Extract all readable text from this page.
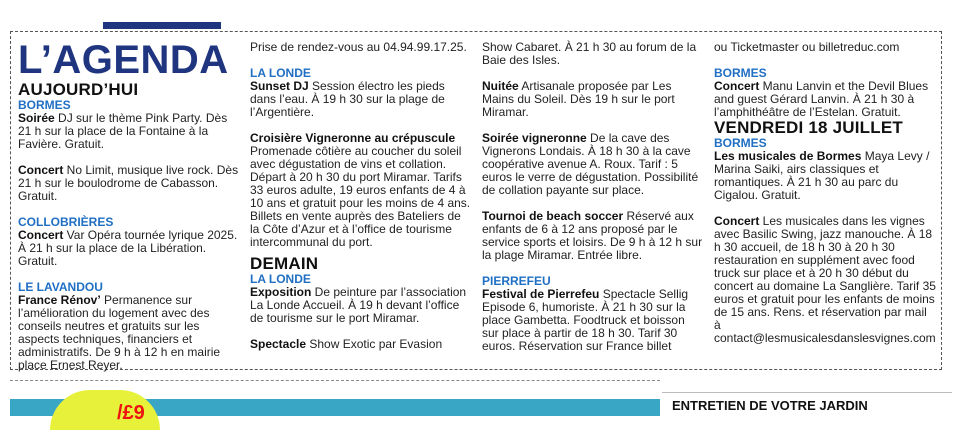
L’AGENDA
AUJOURD’HUI
BORMES

Soirée DJ sur le thème Pink Party. Dès 21 h sur la place de la Fontaine à la Favière. Gratuit.

Concert No Limit, musique live rock. Dès 21 h sur le boulodrome de Cabasson. Gratuit.

COLLOBRIÈRES

Concert Var Opéra tournée lyrique 2025. À 21 h sur la place de la Libération. Gratuit.

LE LAVANDOU

France Rénov’ Permanence sur l’amélioration du logement avec des conseils neutres et gratuits sur les aspects techniques, financiers et administratifs. De 9 h à 12 h en mairie place Ernest Reyer.

Prise de rendez-vous au 04.94.99.17.25.

LA LONDE

Sunset DJ Session électro les pieds dans l’eau. À 19 h 30 sur la plage de l’Argentière.

Croisière Vigneronne au crépuscule

Promenade côtière au coucher du soleil avec dégustation de vins et collation. Départ à 20 h 30 du port Miramar. Tarifs 33 euros adulte, 19 euros enfants de 4 à 10 ans et gratuit pour les moins de 4 ans.

Billets en vente auprès des Bateliers de la Côte d’Azur et à l’office de tourisme intercommunal du port.

DEMAIN
LA LONDE

Exposition De peinture par l’association La Londe Accueil. À 19 h devant l’office de tourisme sur le port Miramar.

Spectacle Show Exotic par Evasion

Show Cabaret. À 21 h 30 au forum de la Baie des Isles.

Nuitée Artisanale proposée par Les Mains du Soleil. Dès 19 h sur le port Miramar.

Soirée vigneronne De la cave des Vignerons Londais. À 18 h 30 à la cave coopérative avenue A. Roux. Tarif : 5 euros le verre de dégustation. Possibilité de collation payante sur place.

Tournoi de beach soccer Réservé aux enfants de 6 à 12 ans proposé par le service sports et loisirs. De 9 h à 12 h sur la plage Miramar. Entrée libre.

PIERREFEU

Festival de Pierrefeu Spectacle Sellig Episode 6, humoriste. À 21 h 30 sur la place Gambetta. Foodtruck et boisson sur place à partir de 18 h 30. Tarif 30 euros. Réservation sur France billet

ou Ticketmaster ou billetreduc.com

BORMES

Concert Manu Lanvin et the Devil Blues and guest Gérard Lanvin. À 21 h 30 à l’amphithéâtre de l’Estelan. Gratuit.

VENDREDI 18 JUILLET
BORMES

Les musicales de Bormes Maya Levy / Marina Saiki, airs classiques et romantiques. À 21 h 30 au parc du Cigalou. Gratuit.

Concert Les musicales dans les vignes avec Basilic Swing, jazz manouche. À 18 h 30 accueil, de 18 h 30 à 20 h 30 restauration en supplément avec food truck sur place et à 20 h 30 début du concert au domaine La Sanglière. Tarif 35 euros et gratuit pour les enfants de moins de 15 ans. Rens. et réservation par mail à contact@lesmusicalesdanslesvignes.com

/£9	ENTRETIEN DE VOTRE JARDIN
